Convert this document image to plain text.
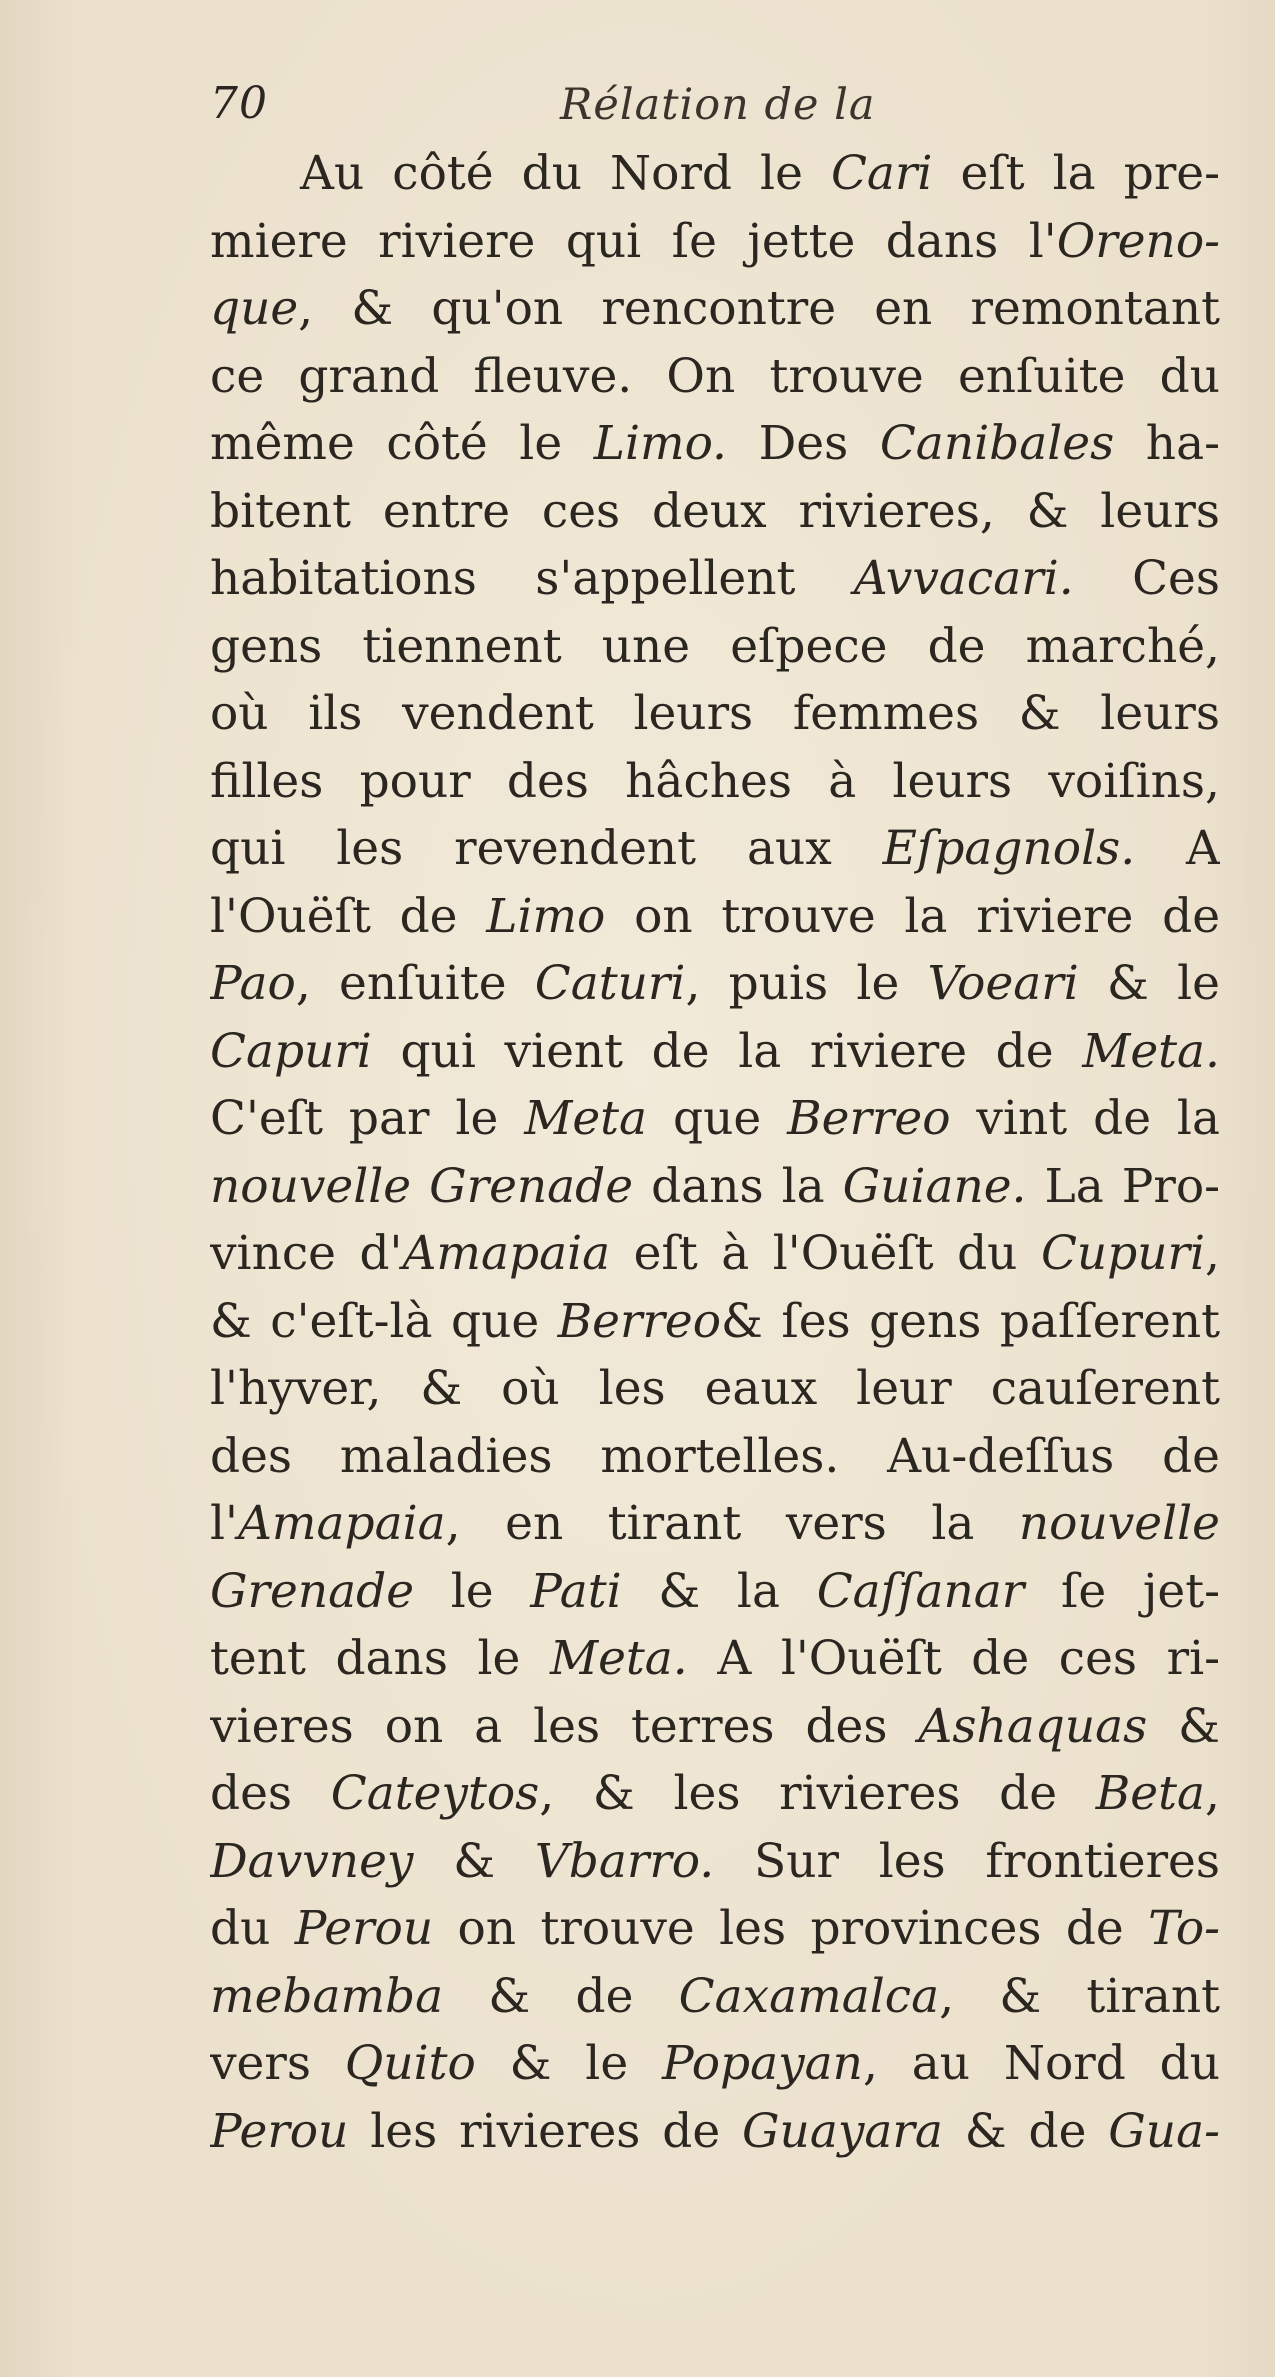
70	Rélation de la
Au côté du Nord le Cari eſt la pre-
miere riviere qui ſe jette dans l'Oreno-
que, & qu'on rencontre en remontant
ce grand fleuve. On trouve enſuite du
même côté le Limo. Des Canibales ha-
bitent entre ces deux rivieres, & leurs
habitations s'appellent Avvacari. Ces
gens tiennent une eſpece de marché,
où ils vendent leurs femmes & leurs
filles pour des hâches à leurs voiſins,
qui les revendent aux Eſpagnols. A
l'Ouëſt de Limo on trouve la riviere de
Pao, enſuite Caturi, puis le Voeari & le
Capuri qui vient de la riviere de Meta.
C'eſt par le Meta que Berreo vint de la
nouvelle Grenade dans la Guiane. La Pro-
vince d'Amapaia eſt à l'Ouëſt du Cupuri,
& c'eſt-là que Berreo& ſes gens paſſerent
l'hyver, & où les eaux leur cauſerent
des maladies mortelles. Au-deſſus de
l'Amapaia, en tirant vers la nouvelle
Grenade le Pati & la Caſſanar ſe jet-
tent dans le Meta. A l'Ouëſt de ces ri-
vieres on a les terres des Ashaquas &
des Cateytos, & les rivieres de Beta,
Davvney & Vbarro. Sur les frontieres
du Perou on trouve les provinces de To-
mebamba & de Caxamalca, & tirant
vers Quito & le Popayan, au Nord du
Perou les rivieres de Guayara & de Gua-
